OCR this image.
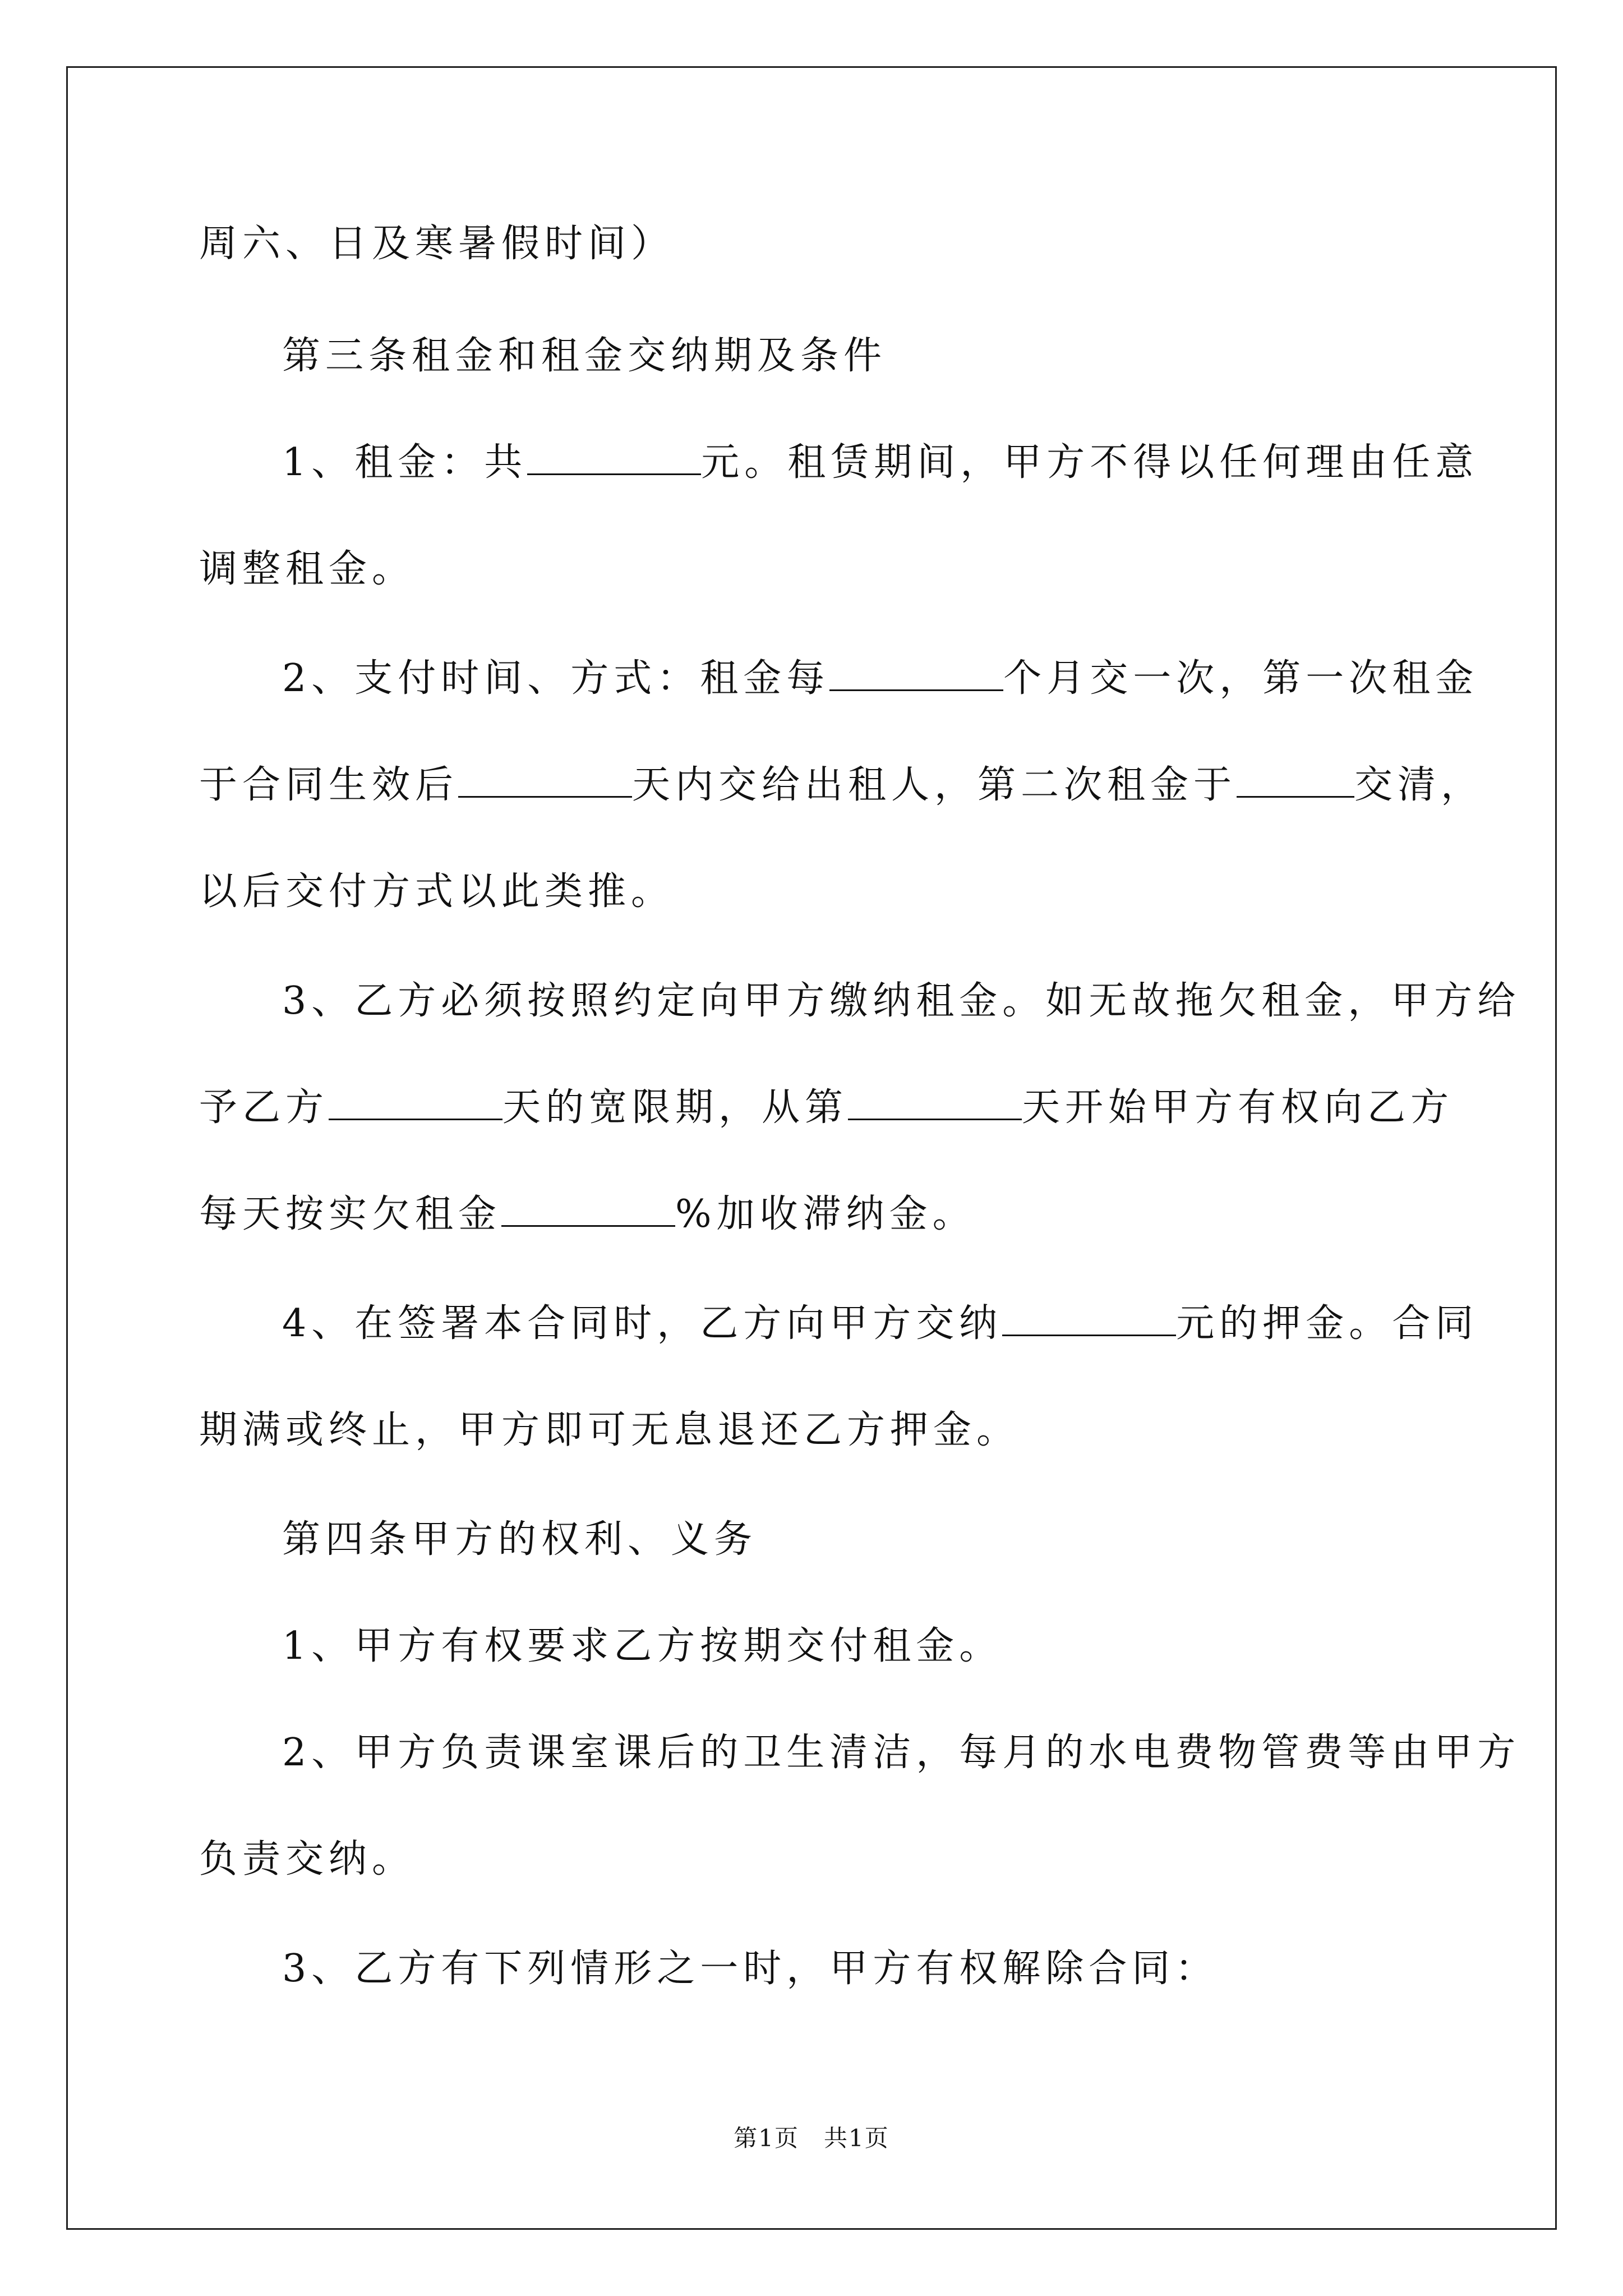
周六、日及寒暑假时间）
第三条租金和租金交纳期及条件
1、租金：共	元。租赁期间，甲方不得以任何理由任意
调整租金。
2、支付时间、方式：租金每	个月交一次，第一次租金
于合同生效后	天内交给出租人，第二次租金于	交清，
以后交付方式以此类推。
3、乙方必须按照约定向甲方缴纳租金。如无故拖欠租金，甲方给
予乙方	天的宽限期，从第	天开始甲方有权向乙方
每天按实欠租金	%加收滞纳金。
4、在签署本合同时，乙方向甲方交纳	元的押金。合同
期满或终止，甲方即可无息退还乙方押金。
第四条甲方的权利、义务
1、甲方有权要求乙方按期交付租金。
2、甲方负责课室课后的卫生清洁，每月的水电费物管费等由甲方
负责交纳。
3、乙方有下列情形之一时，甲方有权解除合同：
第1页　共1页
